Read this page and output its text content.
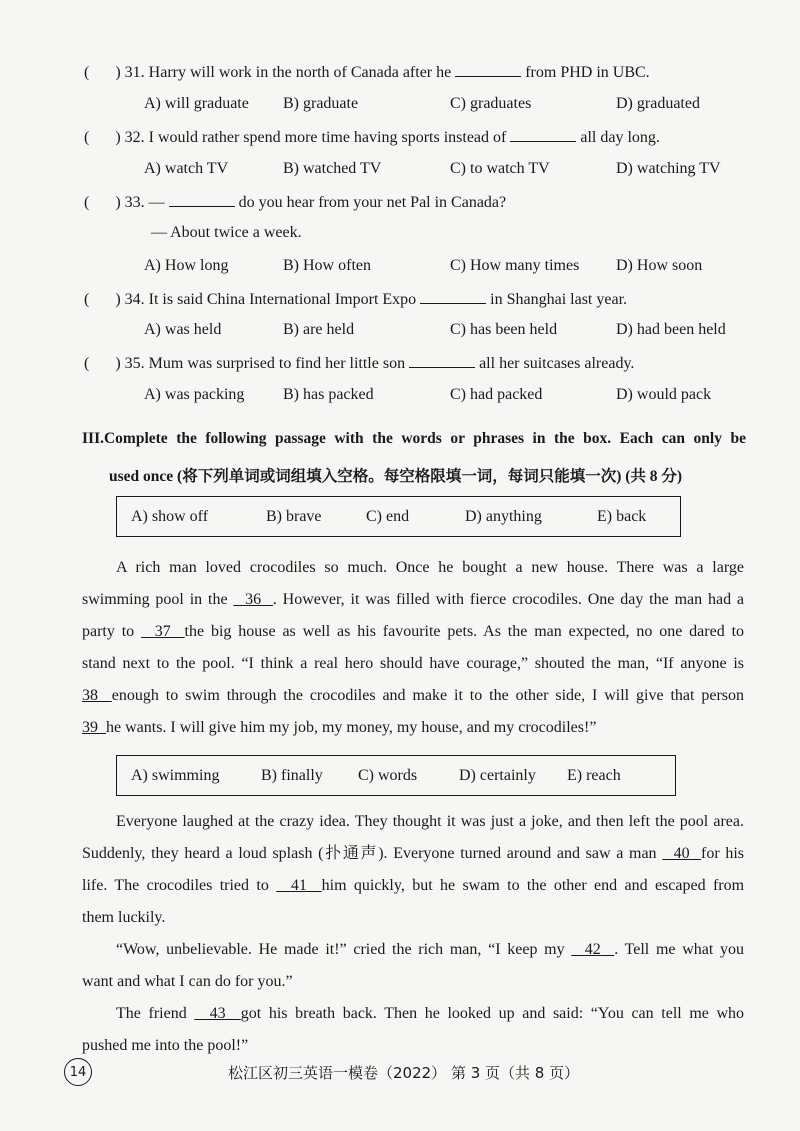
( ) 31. Harry will work in the north of Canada after he	from PHD in UBC.
A) will graduate B) graduate	C) graduates	D) graduated
( ) 32. I would rather spend more time having sports instead of	all day long.
A) watch TV	B) watched TV	C) to watch TV	D) watching TV
( ) 33. —	do you hear from your net Pal in Canada?
— About twice a week.
A) How long	B) How often	C) How many times D) How soon
( ) 34. It is said China International Import Expo	in Shanghai last year.
A) was held	B) are held	C) has been held	D) had been held
( ) 35. Mum was surprised to find her little son	all her suitcases already.
A) was packing B) has packed	C) had packed	D) would pack
III.Complete the following passage with the words or phrases in the box. Each can only be
used once (将下列单词或词组填入空格。每空格限填一词，每词只能填一次) (共 8 分)
A) show off	B) brave	C) end	D) anything	E) back
A rich man loved crocodiles so much. Once he bought a new house. There was a large
swimming pool in the 36 . However, it was filled with fierce crocodiles. One day the man had a
party to 37 the big house as well as his favourite pets. As the man expected, no one dared to
stand next to the pool. “I think a real hero should have courage,” shouted the man, “If anyone is
38 enough to swim through the crocodiles and make it to the other side, I will give that person
39 he wants. I will give him my job, my money, my house, and my crocodiles!”
A) swimming	B) finally C) words	D) certainly E) reach
Everyone laughed at the crazy idea. They thought it was just a joke, and then left the pool area.
Suddenly, they heard a loud splash (扑通声). Everyone turned around and saw a man 40 for his
life. The crocodiles tried to 41 him quickly, but he swam to the other end and escaped from
them luckily.
“Wow, unbelievable. He made it!” cried the rich man, “I keep my 42 . Tell me what you
want and what I can do for you.”
The friend 43 got his breath back. Then he looked up and said: “You can tell me who
pushed me into the pool!”
14	松江区初三英语一模卷（2022） 第 3 页（共 8 页）
